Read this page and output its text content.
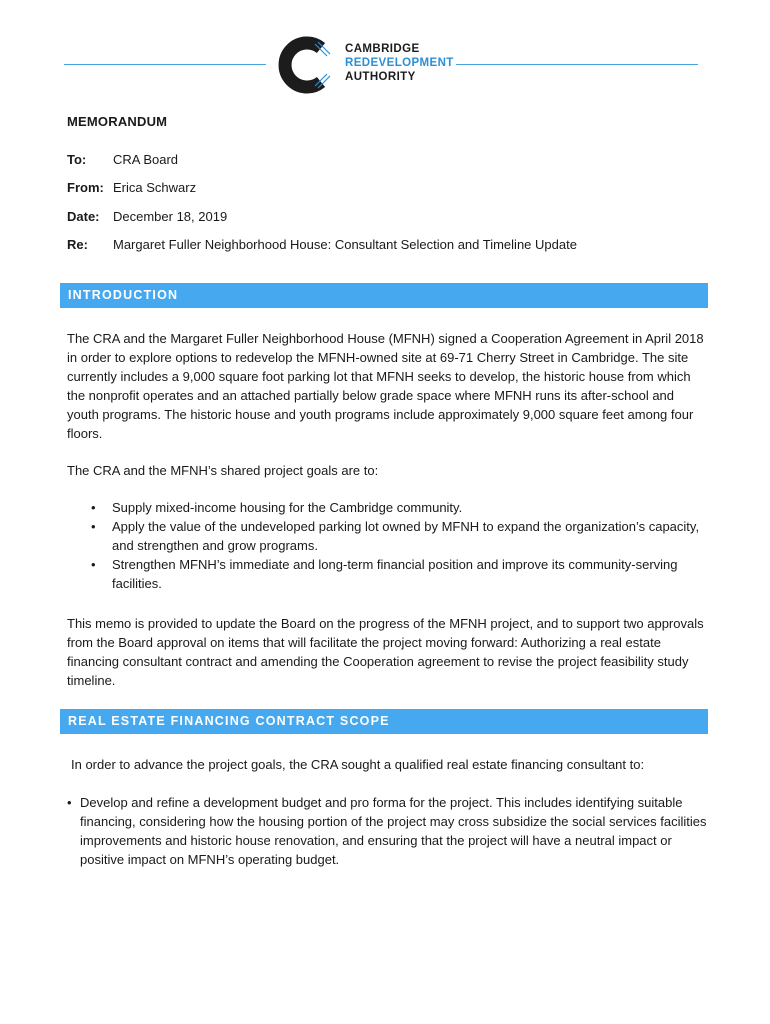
CAMBRIDGE
REDEVELOPMENT
AUTHORITY
MEMORANDUM
To: CRA Board
From: Erica Schwarz
Date: December 18, 2019
Re: Margaret Fuller Neighborhood House: Consultant Selection and Timeline Update
INTRODUCTION

The CRA and the Margaret Fuller Neighborhood House (MFNH) signed a Cooperation Agreement in April 2018 in order to explore options to redevelop the MFNH-owned site at 69-71 Cherry Street in Cambridge. The site currently includes a 9,000 square foot parking lot that MFNH seeks to develop, the historic house from which the nonprofit operates and an attached partially below grade space where MFNH runs its after-school and youth programs. The historic house and youth programs include approximately 9,000 square feet among four floors.

The CRA and the MFNH’s shared project goals are to:

• Supply mixed-income housing for the Cambridge community.
• Apply the value of the undeveloped parking lot owned by MFNH to expand the organization’s capacity, and strengthen and grow programs.
• Strengthen MFNH’s immediate and long-term financial position and improve its community-serving facilities.

This memo is provided to update the Board on the progress of the MFNH project, and to support two approvals from the Board approval on items that will facilitate the project moving forward: Authorizing a real estate financing consultant contract and amending the Cooperation agreement to revise the project feasibility study timeline.

REAL ESTATE FINANCING CONTRACT SCOPE

In order to advance the project goals, the CRA sought a qualified real estate financing consultant to:

• Develop and refine a development budget and pro forma for the project. This includes identifying suitable financing, considering how the housing portion of the project may cross subsidize the social services facilities improvements and historic house renovation, and ensuring that the project will have a neutral impact or positive impact on MFNH’s operating budget.
